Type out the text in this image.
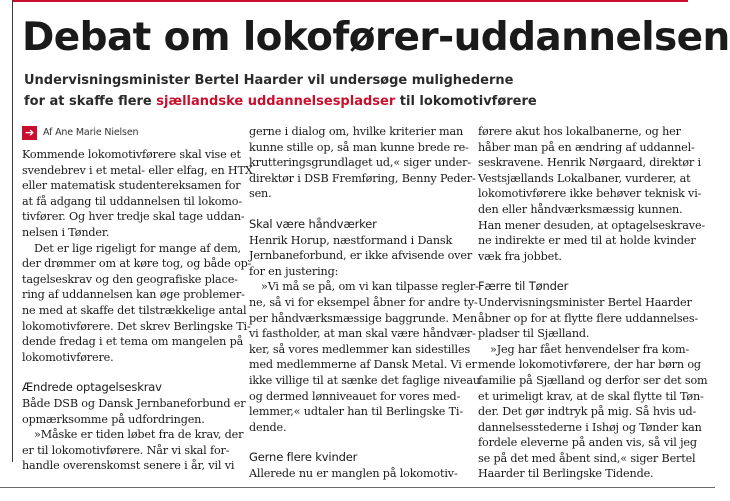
Debat om lokofører-uddannelsen

Undervisningsminister Bertel Haarder vil undersøge mulighederne

for at skaffe flere sjællandske uddannelsespladser til lokomotivførere

➔ Af Ane Marie Nielsen

Kommende lokomotivførere skal vise et

svendebrev i et metal- eller elfag, en HTX

eller matematisk studentereksamen for

at få adgang til uddannelsen til lokomo-

tivfører. Og hver tredje skal tage uddan-

nelsen i Tønder.

Det er lige rigeligt for mange af dem,

der drømmer om at køre tog, og både op-

tagelseskrav og den geografiske place-

ring af uddannelsen kan øge problemer-

ne med at skaffe det tilstrækkelige antal

lokomotivførere. Det skrev Berlingske Ti-

dende fredag i et tema om mangelen på

lokomotivførere.

Ændrede optagelseskrav

Både DSB og Dansk Jernbaneforbund er

opmærksomme på udfordringen.

»Måske er tiden løbet fra de krav, der

er til lokomotivførere. Når vi skal for-

handle overenskomst senere i år, vil vi

gerne i dialog om, hvilke kriterier man

kunne stille op, så man kunne brede re-

krutteringsgrundlaget ud,« siger under-

direktør i DSB Fremføring, Benny Peder-

sen.

Skal være håndværker

Henrik Horup, næstformand i Dansk

Jernbaneforbund, er ikke afvisende over

for en justering:

»Vi må se på, om vi kan tilpasse regler-

ne, så vi for eksempel åbner for andre ty-

per håndværksmæssige baggrunde. Men

vi fastholder, at man skal være håndvær-

ker, så vores medlemmer kan sidestilles

med medlemmerne af Dansk Metal. Vi er

ikke villige til at sænke det faglige niveau

og dermed lønniveauet for vores med-

lemmer,« udtaler han til Berlingske Ti-

dende.

Gerne flere kvinder

Allerede nu er manglen på lokomotiv-

førere akut hos lokalbanerne, og her

håber man på en ændring af uddannel-

seskravene. Henrik Nørgaard, direktør i

Vestsjællands Lokalbaner, vurderer, at

lokomotivførere ikke behøver teknisk vi-

den eller håndværksmæssig kunnen.

Han mener desuden, at optagelseskrave-

ne indirekte er med til at holde kvinder

væk fra jobbet.

Færre til Tønder

Undervisningsminister Bertel Haarder

åbner op for at flytte flere uddannelses-

pladser til Sjælland.

»Jeg har fået henvendelser fra kom-

mende lokomotivførere, der har børn og

familie på Sjælland og derfor ser det som

et urimeligt krav, at de skal flytte til Tøn-

der. Det gør indtryk på mig. Så hvis ud-

dannelsesstederne i Ishøj og Tønder kan

fordele eleverne på anden vis, så vil jeg

se på det med åbent sind,« siger Bertel

Haarder til Berlingske Tidende.
